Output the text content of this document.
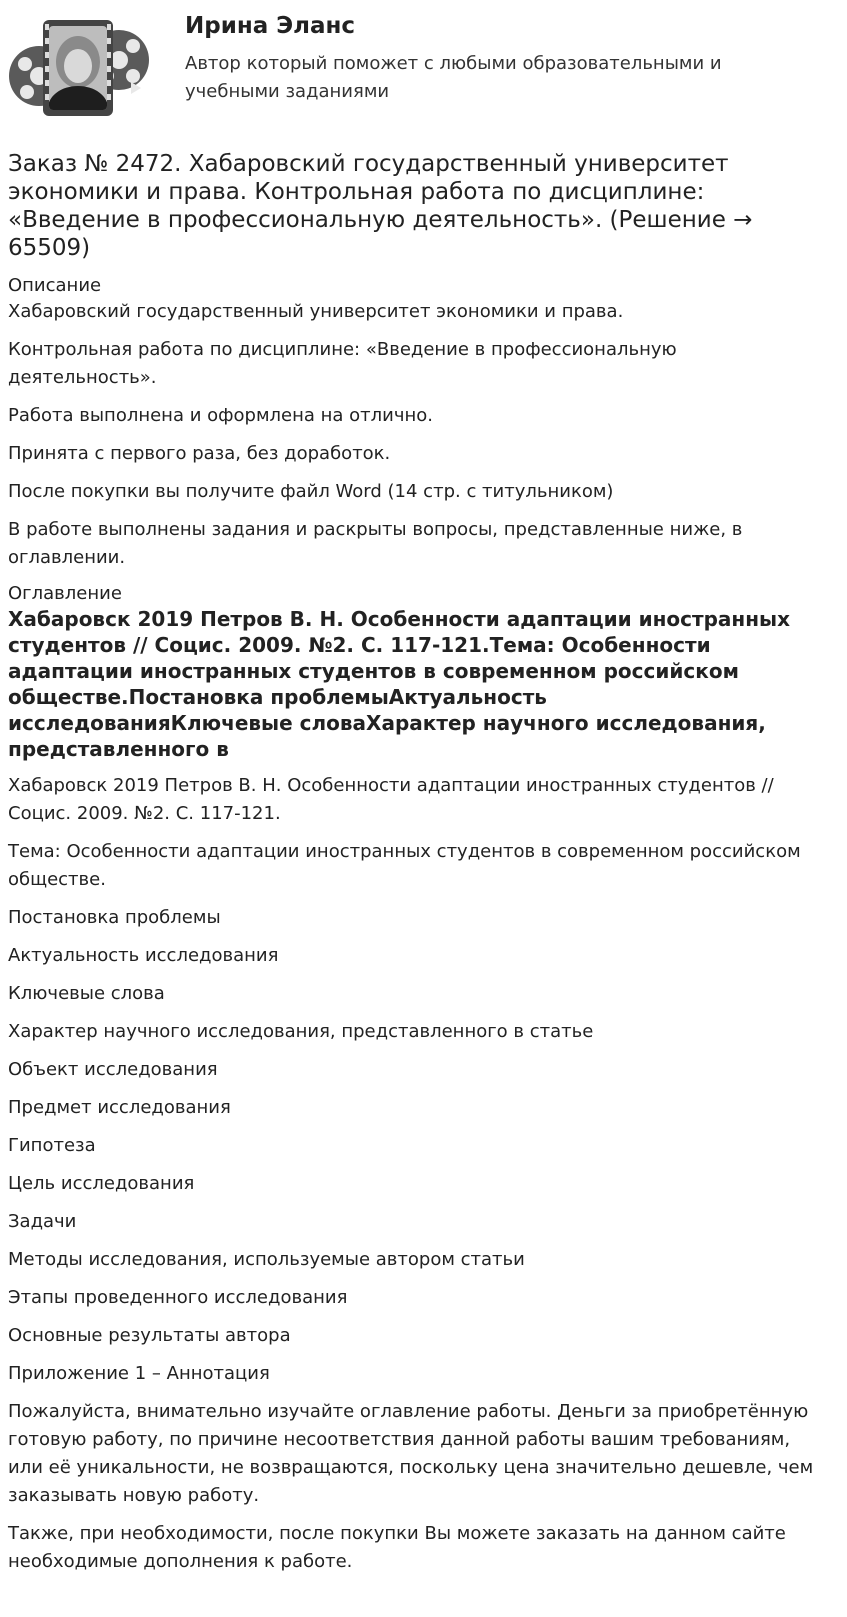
Ирина Эланс

Автор который поможет с любыми образовательными и учебными заданиями

Заказ № 2472. Хабаровский государственный университет экономики и права. Контрольная работа по дисциплине: «Введение в профессиональную деятельность». (Решение → 65509)
Описание

Хабаровский государственный университет экономики и права.

Контрольная работа по дисциплине: «Введение в профессиональную деятельность».

Работа выполнена и оформлена на отлично.

Принята с первого раза, без доработок.

После покупки вы получите файл Word (14 стр. с титульником)

В работе выполнены задания и раскрыты вопросы, представленные ниже, в оглавлении.

Оглавление
Хабаровск 2019 Петров В. Н. Особенности адаптации иностранных студентов // Социс. 2009. №2. С. 117-121.Тема: Особенности адаптации иностранных студентов в современном российском обществе.Постановка проблемыАктуальность исследованияКлючевые словаХарактер научного исследования, представленного в

Хабаровск 2019 Петров В. Н. Особенности адаптации иностранных студентов // Социс. 2009. №2. С. 117-121.

Тема: Особенности адаптации иностранных студентов в современном российском обществе.

Постановка проблемы

Актуальность исследования

Ключевые слова

Характер научного исследования, представленного в статье

Объект исследования

Предмет исследования

Гипотеза

Цель исследования

Задачи

Методы исследования, используемые автором статьи

Этапы проведенного исследования

Основные результаты автора

Приложение 1 – Аннотация

Пожалуйста, внимательно изучайте оглавление работы. Деньги за приобретённую готовую работу, по причине несоответствия данной работы вашим требованиям, или её уникальности, не возвращаются, поскольку цена значительно дешевле, чем заказывать новую работу.

Также, при необходимости, после покупки Вы можете заказать на данном сайте необходимые дополнения к работе.
